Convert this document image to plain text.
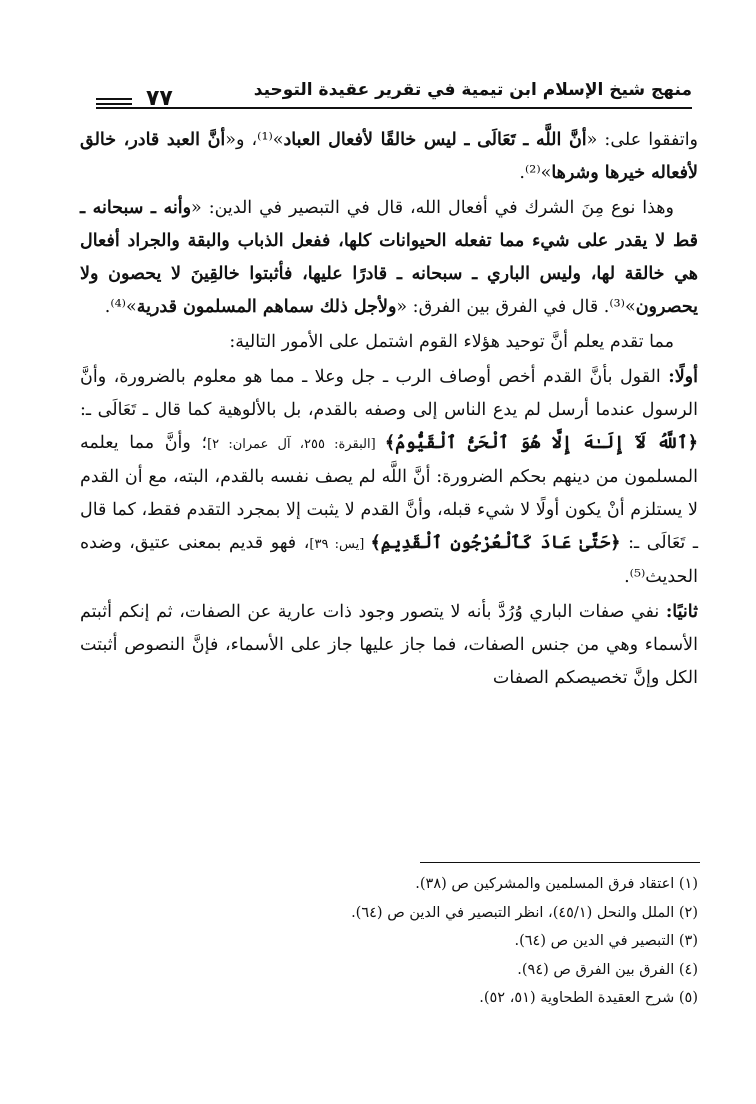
منهج شيخ الإسلام ابن تيمية في تقرير عقيدة التوحيد
٧٧

واتفقوا على: «أنَّ اللَّه ـ تَعَالَى ـ ليس خالقًا لأفعال العباد»⁽¹⁾، و«أنَّ العبد قادر، خالق لأفعاله خيرها وشرها»⁽²⁾.

وهذا نوع مِنَ الشرك في أفعال الله، قال في التبصير في الدين: «وأنه ـ سبحانه ـ قط لا يقدر على شيء مما تفعله الحيوانات كلها، ففعل الذباب والبقة والجراد أفعال هي خالقة لها، وليس الباري ـ سبحانه ـ قادرًا عليها، فأثبتوا خالقِينَ لا يحصون ولا يحصرون»⁽³⁾. قال في الفرق بين الفرق: «ولأجل ذلك سماهم المسلمون قدرية»⁽⁴⁾.

مما تقدم يعلم أنَّ توحيد هؤلاء القوم اشتمل على الأمور التالية:

أولًا: القول بأنَّ القدم أخص أوصاف الرب ـ جل وعلا ـ مما هو معلوم بالضرورة، وأنَّ الرسول عندما أرسل لم يدع الناس إلى وصفه بالقدم، بل بالألوهية كما قال ـ تَعَالَى ـ: ﴿ٱللَّهُ لَآ إِلَـٰهَ إِلَّا هُوَ ٱلْحَىُّ ٱلْقَيُّومُ﴾ [البقرة: ٢٥٥، آل عمران: ٢]؛ وأنَّ مما يعلمه المسلمون من دينهم بحكم الضرورة: أنَّ اللَّه لم يصف نفسه بالقدم، البته، مع أن القدم لا يستلزم أنْ يكون أولًا لا شيء قبله، وأنَّ القدم لا يثبت إلا بمجرد التقدم فقط، كما قال ـ تَعَالَى ـ: ﴿حَتَّىٰ عَادَ كَٱلْعُرْجُونِ ٱلْقَدِيمِ﴾ [يس: ٣٩]، فهو قديم بمعنى عتيق، وضده الحديث⁽⁵⁾.

ثانيًا: نفي صفات الباري وُرُدَّ بأنه لا يتصور وجود ذات عارية عن الصفات، ثم إنكم أثبتم الأسماء وهي من جنس الصفات، فما جاز عليها جاز على الأسماء، فإنَّ النصوص أثبتت الكل وإنَّ تخصيصكم الصفات

(١) اعتقاد فرق المسلمين والمشركين ص (٣٨).
(٢) الملل والنحل (٤٥/١)، انظر التبصير في الدين ص (٦٤).
(٣) التبصير في الدين ص (٦٤).
(٤) الفرق بين الفرق ص (٩٤).
(٥) شرح العقيدة الطحاوية (٥١، ٥٢).
